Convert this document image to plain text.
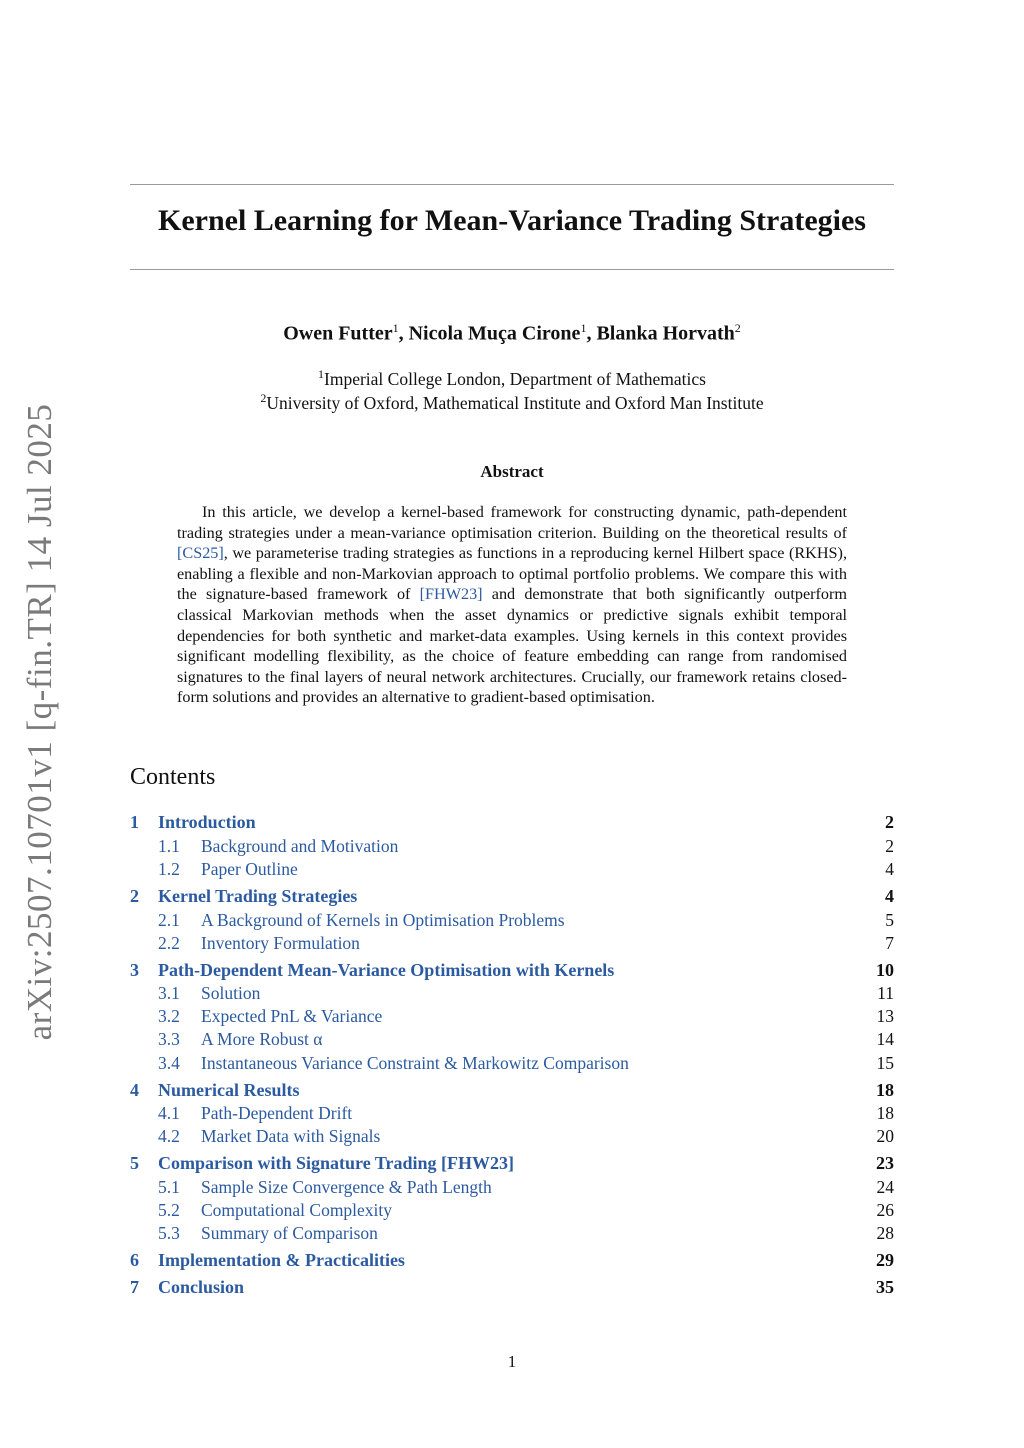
arXiv:2507.10701v1 [q-fin.TR] 14 Jul 2025
Kernel Learning for Mean-Variance Trading Strategies
Owen Futter$^1$, Nicola Muça Cirone$^1$, Blanka Horvath$^2$
$^1$Imperial College London, Department of Mathematics
$^2$University of Oxford, Mathematical Institute and Oxford Man Institute
Abstract
In this article, we develop a kernel-based framework for constructing dynamic, path-dependent trading strategies under a mean-variance optimisation criterion. Building on the theoretical results of [CS25], we parameterise trading strategies as functions in a reproducing kernel Hilbert space (RKHS), enabling a flexible and non-Markovian approach to optimal portfolio problems. We compare this with the signature-based framework of [FHW23] and demonstrate that both significantly outperform classical Markovian methods when the asset dynamics or predictive signals exhibit temporal dependencies for both synthetic and market-data examples. Using kernels in this context provides significant modelling flexibility, as the choice of feature embedding can range from randomised signatures to the final layers of neural network architectures. Crucially, our framework retains closed-form solutions and provides an alternative to gradient-based optimisation.
Contents
1 Introduction	2
1.1 Background and Motivation	2
1.2 Paper Outline	4
2 Kernel Trading Strategies	4
2.1 A Background of Kernels in Optimisation Problems	5
2.2 Inventory Formulation	7
3 Path-Dependent Mean-Variance Optimisation with Kernels	10
3.1 Solution	11
3.2 Expected PnL & Variance	13
3.3 A More Robust α	14
3.4 Instantaneous Variance Constraint & Markowitz Comparison	15
4 Numerical Results	18
4.1 Path-Dependent Drift	18
4.2 Market Data with Signals	20
5 Comparison with Signature Trading [FHW23]	23
5.1 Sample Size Convergence & Path Length	24
5.2 Computational Complexity	26
5.3 Summary of Comparison	28
6 Implementation & Practicalities	29
7 Conclusion	35
1
